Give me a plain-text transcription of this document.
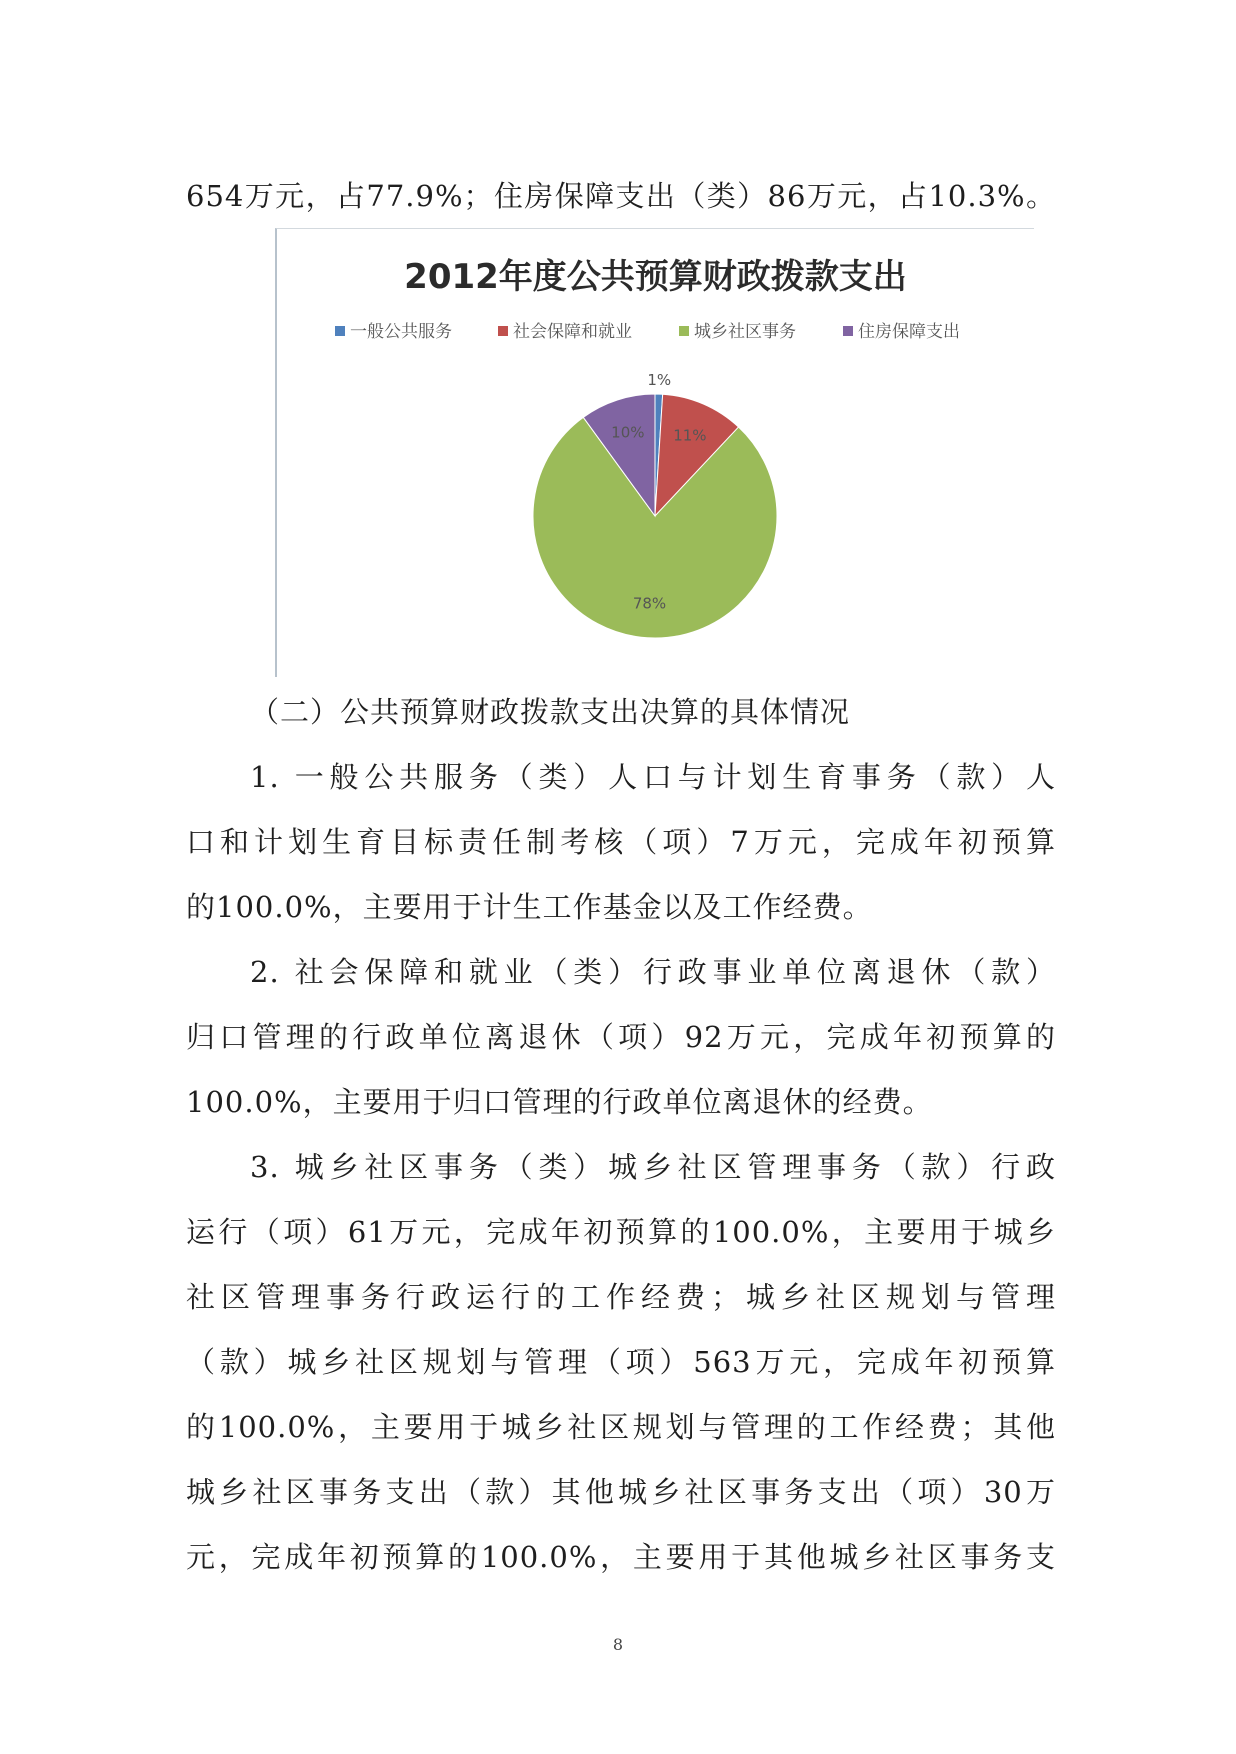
654万元，占77.9%；住房保障支出（类）86万元，占10.3%。

2012年度公共预算财政拨款支出
一般公共服务	社会保障和就业	城乡社区事务	住房保障支出
1%
11%
78%
10%

（二）公共预算财政拨款支出决算的具体情况

1. 一般公共服务（类）人口与计划生育事务（款）人

口和计划生育目标责任制考核（项）7万元，完成年初预算

的100.0%，主要用于计生工作基金以及工作经费。

2. 社会保障和就业（类）行政事业单位离退休（款）

归口管理的行政单位离退休（项）92万元，完成年初预算的

100.0%，主要用于归口管理的行政单位离退休的经费。

3. 城乡社区事务（类）城乡社区管理事务（款）行政

运行（项）61万元，完成年初预算的100.0%，主要用于城乡

社区管理事务行政运行的工作经费；城乡社区规划与管理

（款）城乡社区规划与管理（项）563万元，完成年初预算

的100.0%，主要用于城乡社区规划与管理的工作经费；其他

城乡社区事务支出（款）其他城乡社区事务支出（项）30万

元，完成年初预算的100.0%，主要用于其他城乡社区事务支

8
